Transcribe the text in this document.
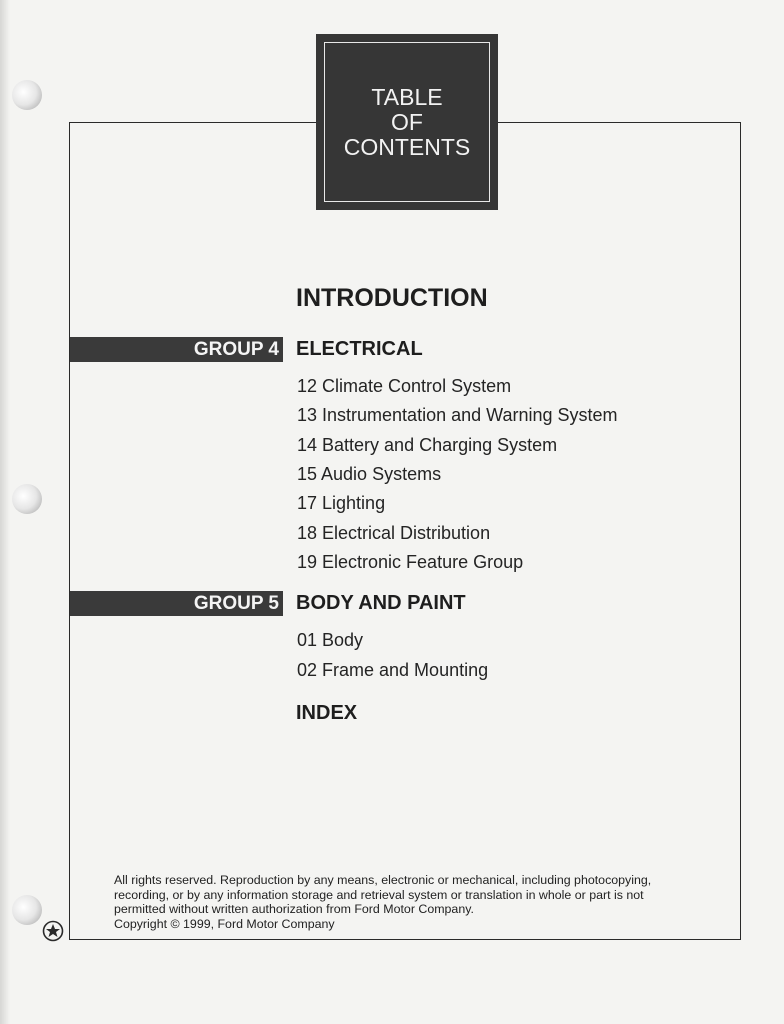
TABLE
OF
CONTENTS
INTRODUCTION
GROUP 4 ELECTRICAL
12 Climate Control System
13 Instrumentation and Warning System
14 Battery and Charging System
15 Audio Systems
17 Lighting
18 Electrical Distribution
19 Electronic Feature Group
GROUP 5 BODY AND PAINT
01 Body
02 Frame and Mounting
INDEX
All rights reserved. Reproduction by any means, electronic or mechanical, including photocopying,
recording, or by any information storage and retrieval system or translation in whole or part is not
permitted without written authorization from Ford Motor Company.
Copyright © 1999, Ford Motor Company
